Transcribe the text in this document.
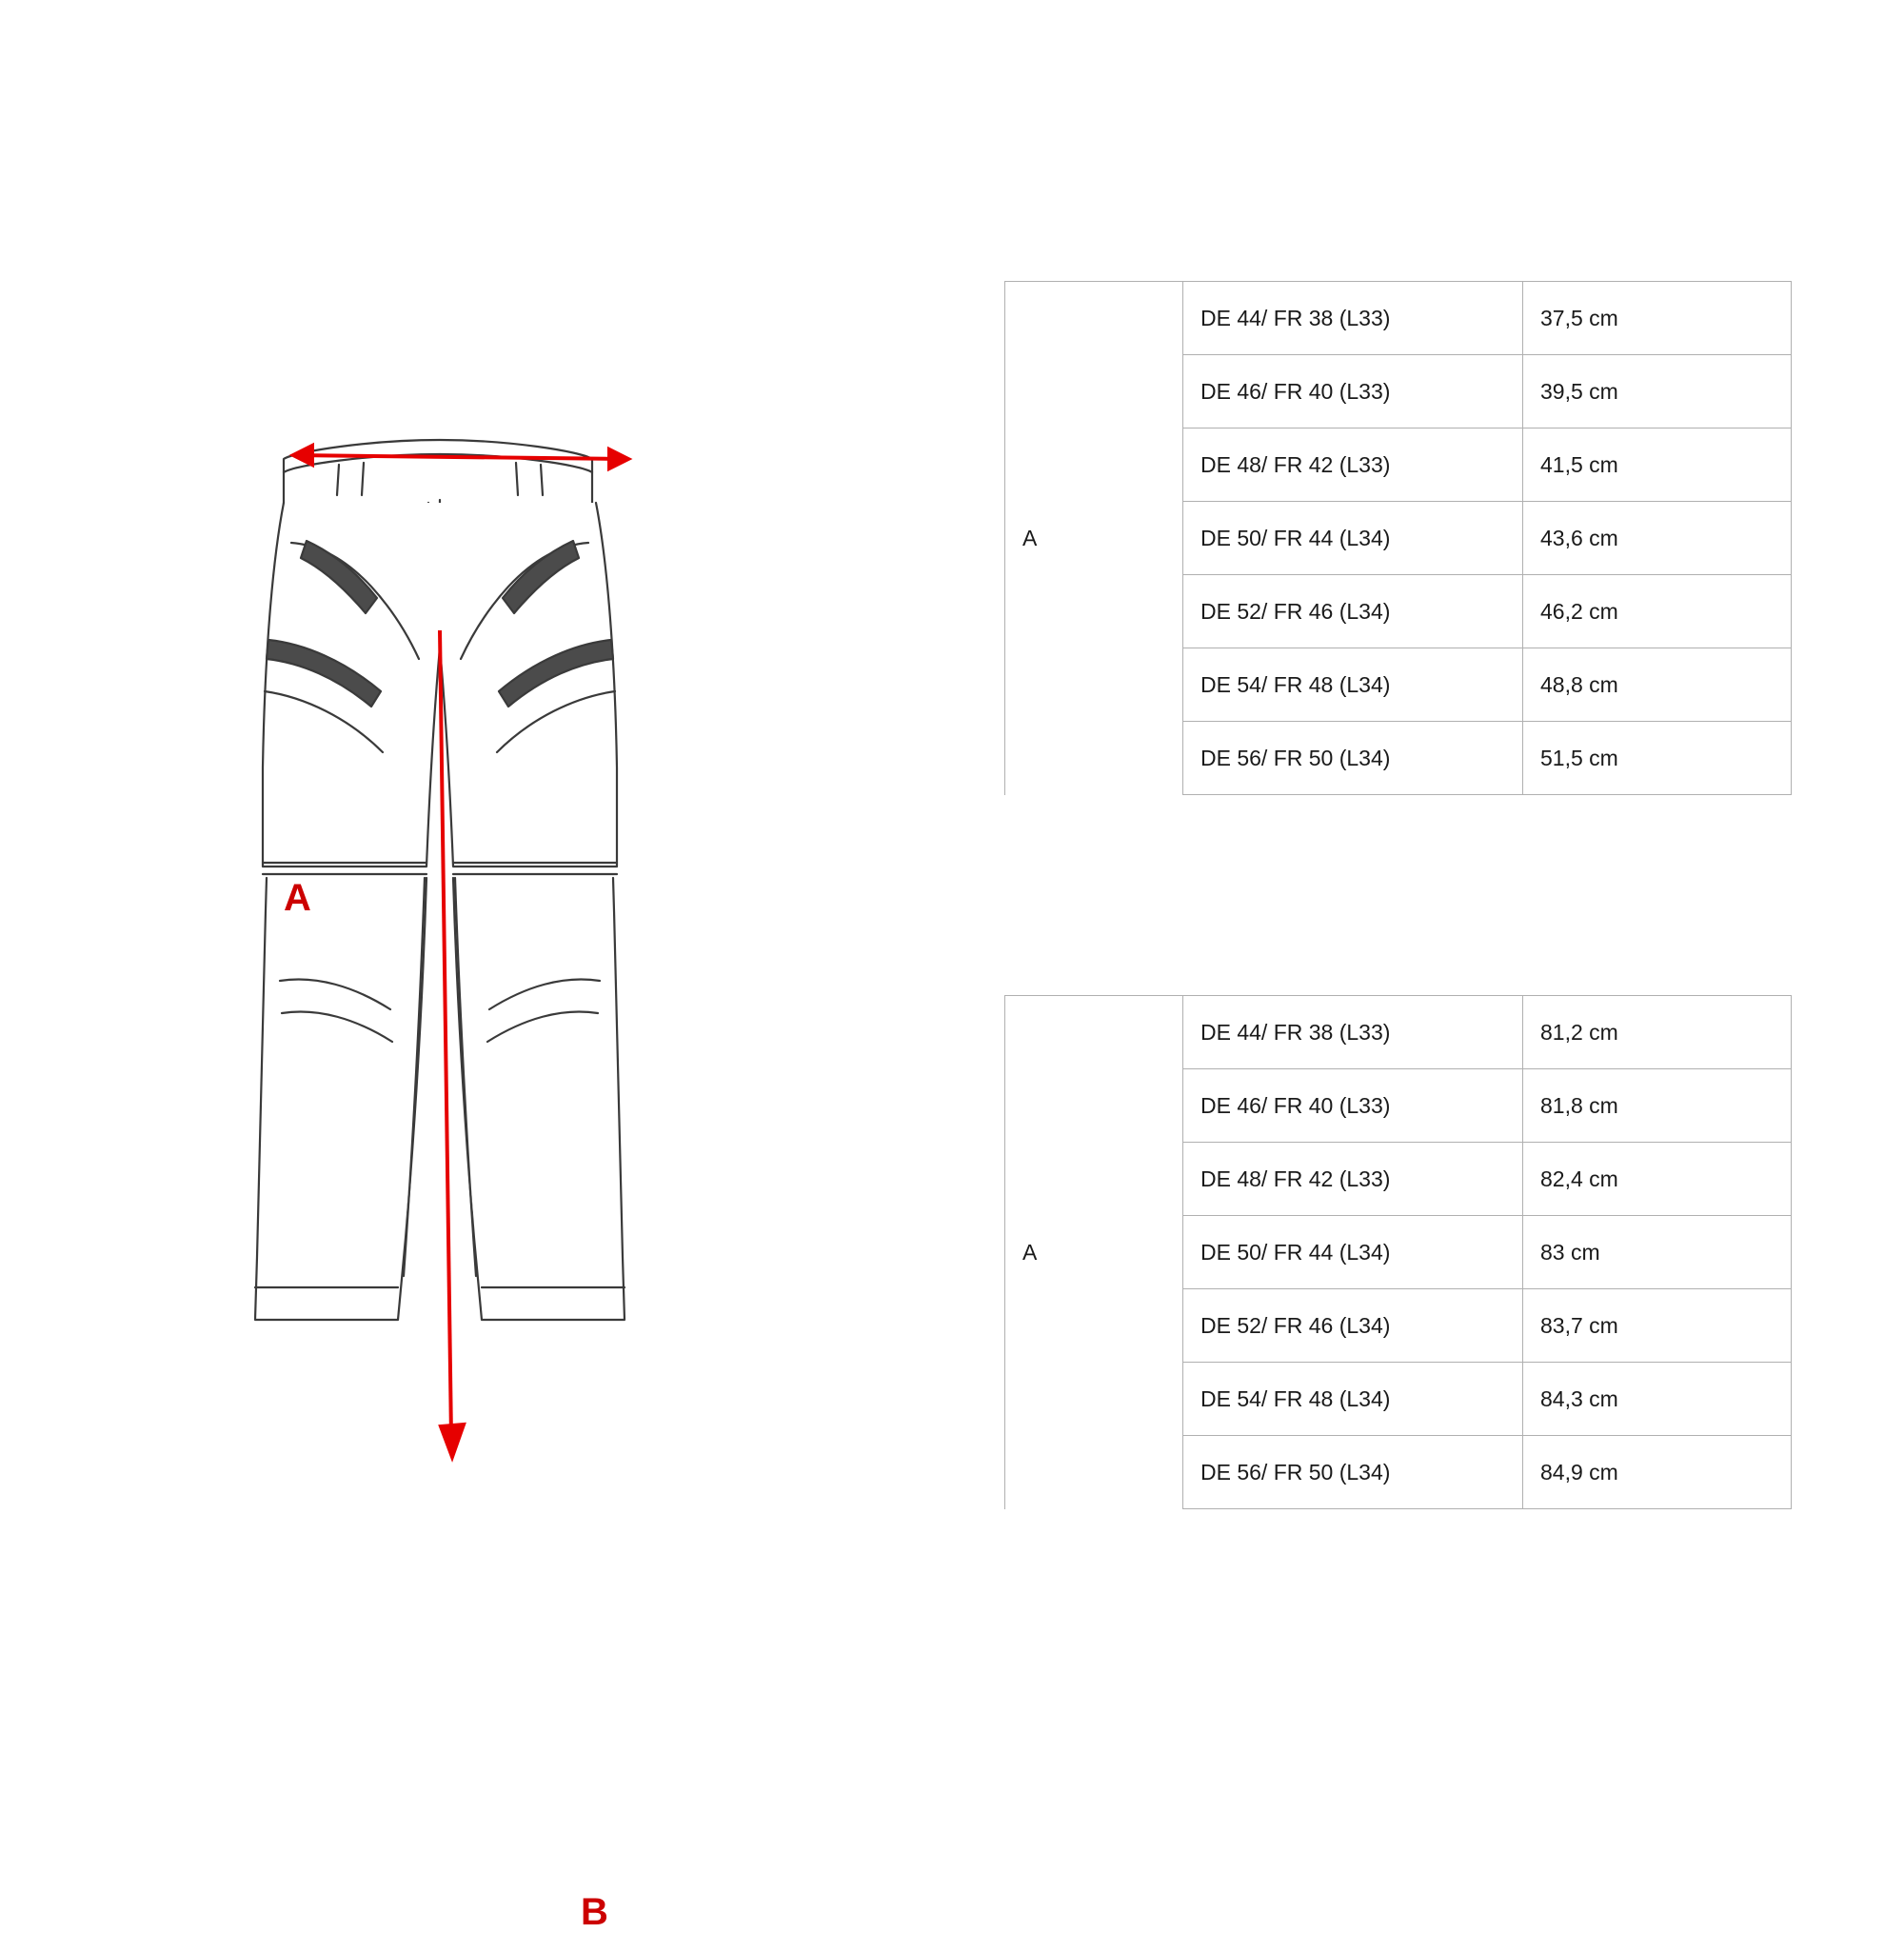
A
B
A	DE 44/ FR 38 (L33)	37,5 cm
	DE 46/ FR 40 (L33)	39,5 cm
	DE 48/ FR 42 (L33)	41,5 cm
	DE 50/ FR 44 (L34)	43,6 cm
	DE 52/ FR 46 (L34)	46,2 cm
	DE 54/ FR 48 (L34)	48,8 cm
	DE 56/ FR 50 (L34)	51,5 cm
A	DE 44/ FR 38 (L33)	81,2 cm
	DE 46/ FR 40 (L33)	81,8 cm
	DE 48/ FR 42 (L33)	82,4 cm
	DE 50/ FR 44 (L34)	83 cm
	DE 52/ FR 46 (L34)	83,7 cm
	DE 54/ FR 48 (L34)	84,3 cm
	DE 56/ FR 50 (L34)	84,9 cm
